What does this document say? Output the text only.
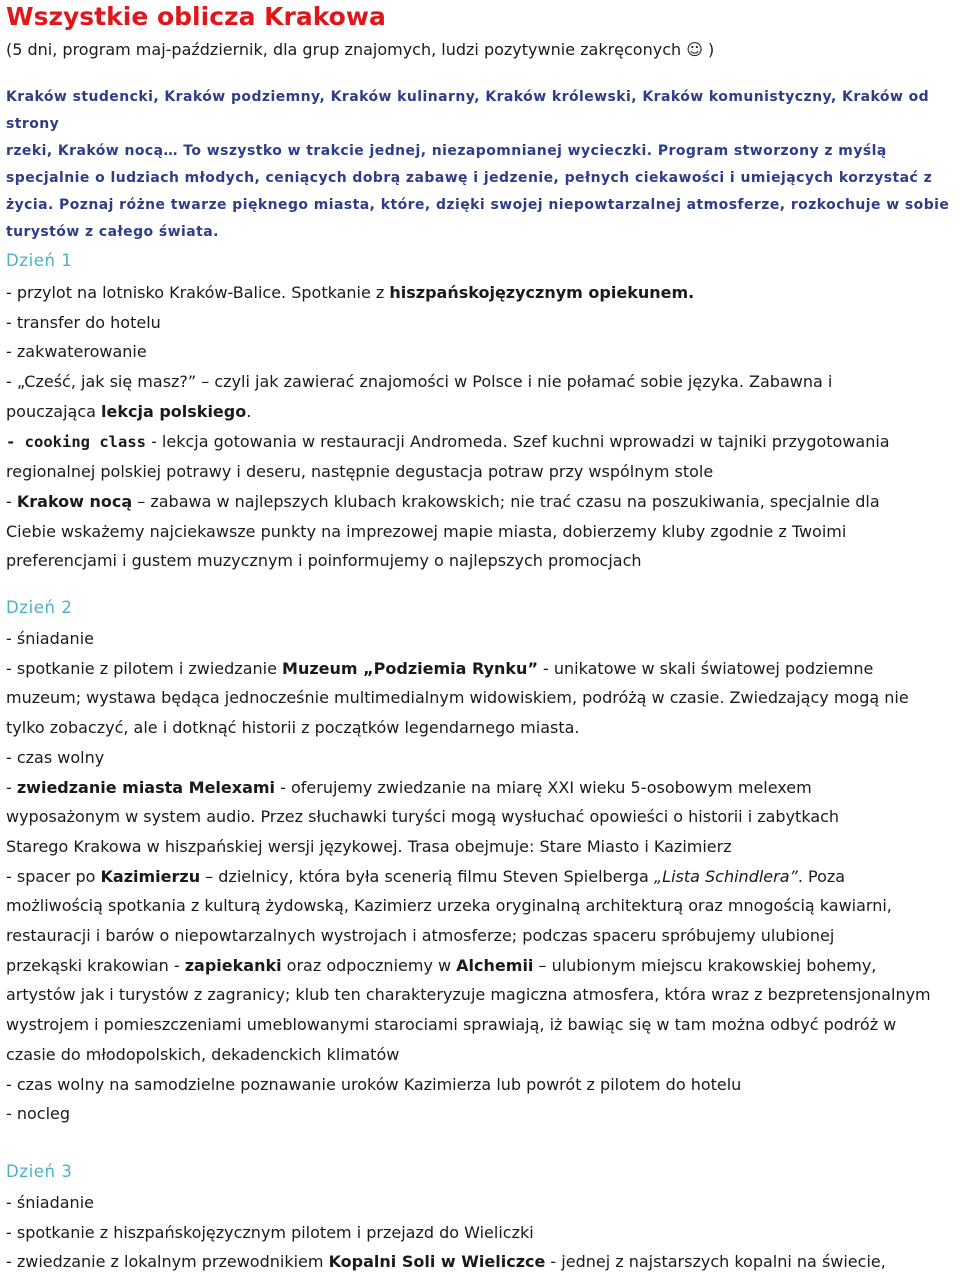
Wszystkie oblicza Krakowa
(5 dni, program maj-październik, dla grup znajomych, ludzi pozytywnie zakręconych ☺ )
Kraków studencki, Kraków podziemny, Kraków kulinarny, Kraków królewski, Kraków komunistyczny, Kraków od strony
rzeki, Kraków nocą… To wszystko w trakcie jednej, niezapomnianej wycieczki. Program stworzony z myślą
specjalnie o ludziach młodych, ceniących dobrą zabawę i jedzenie, pełnych ciekawości i umiejących korzystać z
życia. Poznaj różne twarze pięknego miasta, które, dzięki swojej niepowtarzalnej atmosferze, rozkochuje w sobie
turystów z całego świata.
Dzień 1

- przylot na lotnisko Kraków-Balice. Spotkanie z hiszpańskojęzycznym opiekunem.

- transfer do hotelu

- zakwaterowanie

- „Cześć, jak się masz?” – czyli jak zawierać znajomości w Polsce i nie połamać sobie języka. Zabawna i

pouczająca lekcja polskiego.

- cooking class - lekcja gotowania w restauracji Andromeda. Szef kuchni wprowadzi w tajniki przygotowania

regionalnej polskiej potrawy i deseru, następnie degustacja potraw przy wspólnym stole

- Krakow nocą – zabawa w najlepszych klubach krakowskich; nie trać czasu na poszukiwania, specjalnie dla

Ciebie wskażemy najciekawsze punkty na imprezowej mapie miasta, dobierzemy kluby zgodnie z Twoimi

preferencjami i gustem muzycznym i poinformujemy o najlepszych promocjach

Dzień 2

- śniadanie

- spotkanie z pilotem i zwiedzanie Muzeum „Podziemia Rynku” - unikatowe w skali światowej podziemne

muzeum; wystawa będąca jednocześnie multimedialnym widowiskiem, podróżą w czasie. Zwiedzający mogą nie

tylko zobaczyć, ale i dotknąć historii z początków legendarnego miasta.

- czas wolny

- zwiedzanie miasta Melexami - oferujemy zwiedzanie na miarę XXI wieku 5-osobowym melexem

wyposażonym w system audio. Przez słuchawki turyści mogą wysłuchać opowieści o historii i zabytkach

Starego Krakowa w hiszpańskiej wersji językowej. Trasa obejmuje: Stare Miasto i Kazimierz

- spacer po Kazimierzu – dzielnicy, która była scenerią filmu Steven Spielberga „Lista Schindlera”. Poza

możliwością spotkania z kulturą żydowską, Kazimierz urzeka oryginalną architekturą oraz mnogością kawiarni,

restauracji i barów o niepowtarzalnych wystrojach i atmosferze; podczas spaceru spróbujemy ulubionej

przekąski krakowian - zapiekanki oraz odpoczniemy w Alchemii – ulubionym miejscu krakowskiej bohemy,

artystów jak i turystów z zagranicy; klub ten charakteryzuje magiczna atmosfera, która wraz z bezpretensjonalnym

wystrojem i pomieszczeniami umeblowanymi starociami sprawiają, iż bawiąc się w tam można odbyć podróż w

czasie do młodopolskich, dekadenckich klimatów

- czas wolny na samodzielne poznawanie uroków Kazimierza lub powrót z pilotem do hotelu

- nocleg

Dzień 3

- śniadanie

- spotkanie z hiszpańskojęzycznym pilotem i przejazd do Wieliczki

- zwiedzanie z lokalnym przewodnikiem Kopalni Soli w Wieliczce - jednej z najstarszych kopalni na świecie,
